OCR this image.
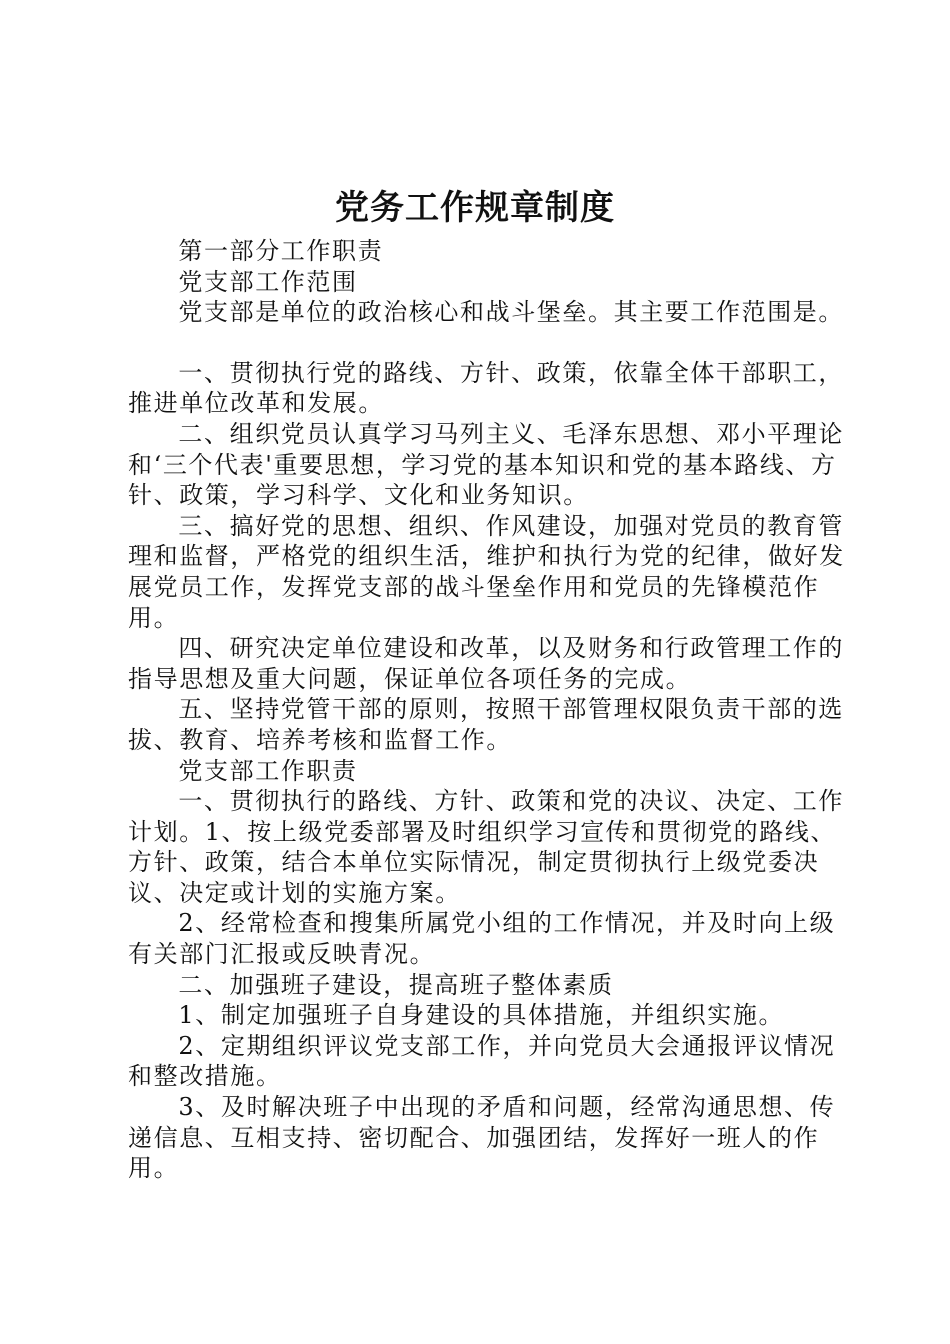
党务工作规章制度

第一部分工作职责

党支部工作范围

党支部是单位的政治核心和战斗堡垒。其主要工作范围是。

一、贯彻执行党的路线、方针、政策，依靠全体干部职工，推进单位改革和发展。

二、组织党员认真学习马列主义、毛泽东思想、邓小平理论和‘三个代表'重要思想，学习党的基本知识和党的基本路线、方针、政策，学习科学、文化和业务知识。

三、搞好党的思想、组织、作风建设，加强对党员的教育管理和监督，严格党的组织生活，维护和执行为党的纪律，做好发展党员工作，发挥党支部的战斗堡垒作用和党员的先锋模范作用。

四、研究决定单位建设和改革，以及财务和行政管理工作的指导思想及重大问题，保证单位各项任务的完成。

五、坚持党管干部的原则，按照干部管理权限负责干部的选拔、教育、培养考核和监督工作。

党支部工作职责

一、贯彻执行的路线、方针、政策和党的决议、决定、工作计划。1、按上级党委部署及时组织学习宣传和贯彻党的路线、方针、政策，结合本单位实际情况，制定贯彻执行上级党委决议、决定或计划的实施方案。

2、经常检查和搜集所属党小组的工作情况，并及时向上级有关部门汇报或反映青况。

二、加强班子建设，提高班子整体素质

1、制定加强班子自身建设的具体措施，并组织实施。

2、定期组织评议党支部工作，并向党员大会通报评议情况和整改措施。

3、及时解决班子中出现的矛盾和问题，经常沟通思想、传递信息、互相支持、密切配合、加强团结，发挥好一班人的作用。
